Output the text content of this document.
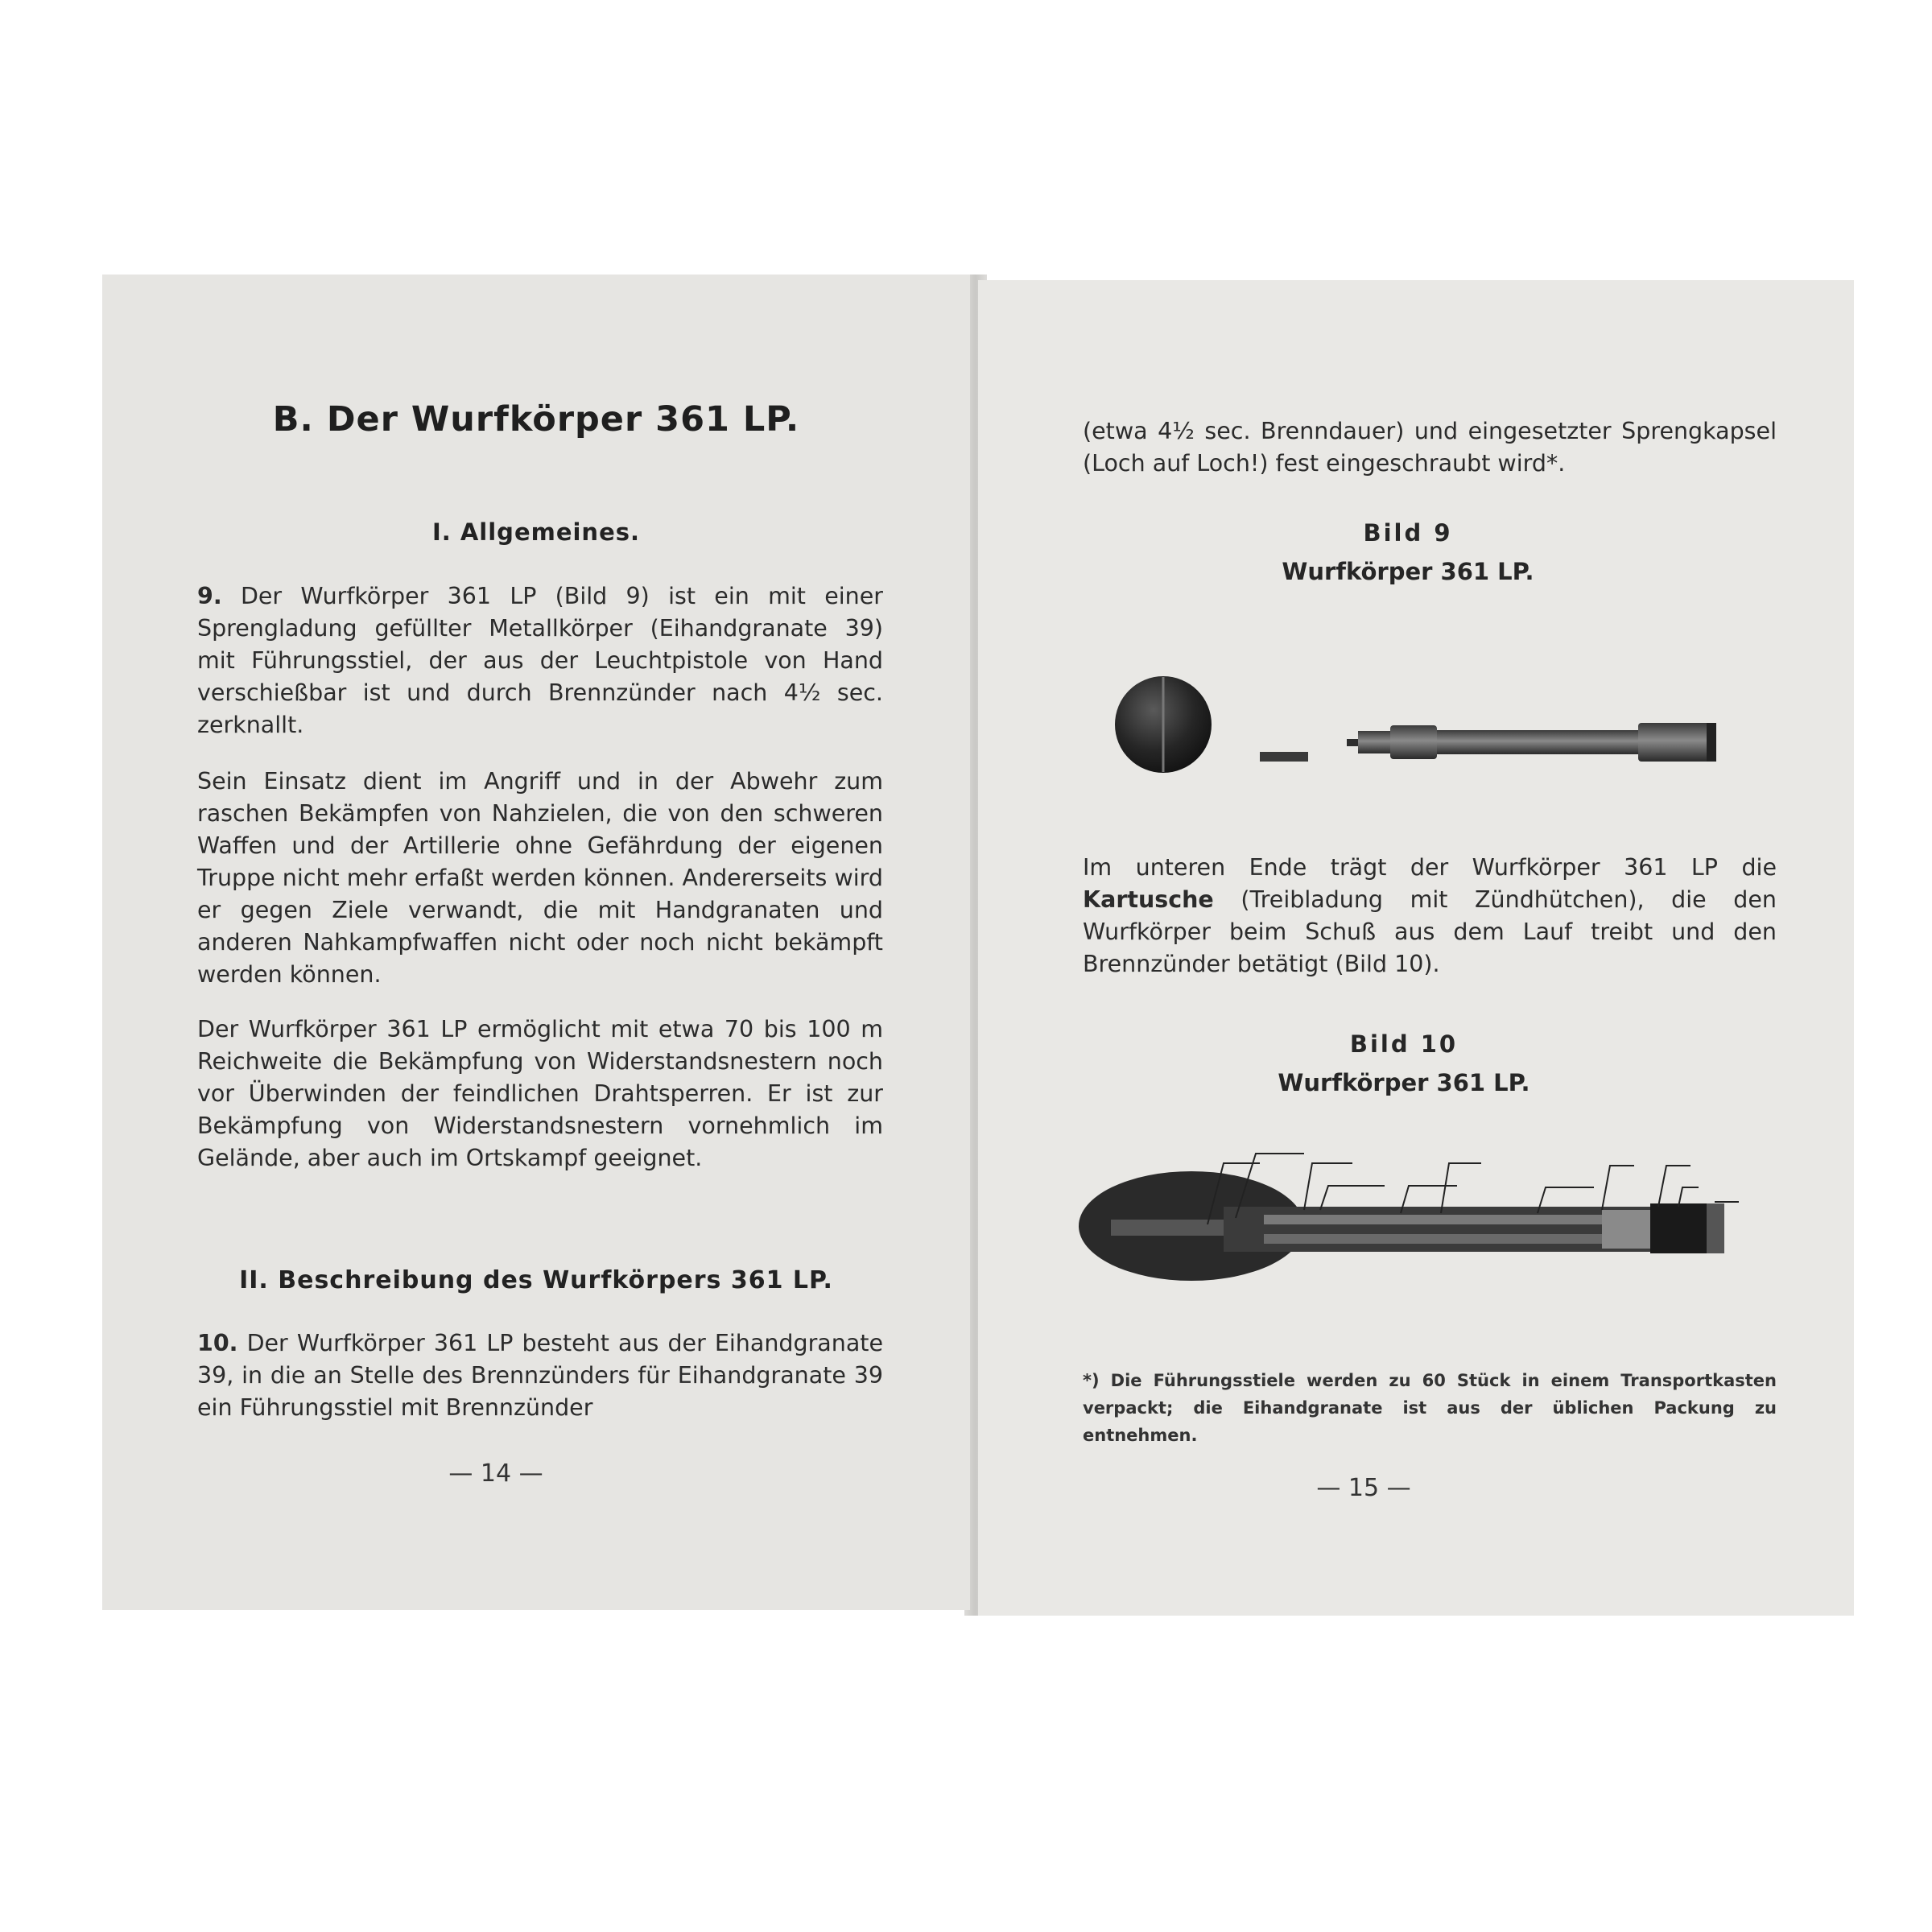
B. Der Wurfkörper 361 LP.
I. Allgemeines.

9. Der Wurfkörper 361 LP (Bild 9) ist ein mit einer Sprengladung gefüllter Metallkörper (Eihandgranate 39) mit Führungsstiel, der aus der Leuchtpistole von Hand verschießbar ist und durch Brennzünder nach 4½ sec. zerknallt.

Sein Einsatz dient im Angriff und in der Abwehr zum raschen Bekämpfen von Nahzielen, die von den schweren Waffen und der Artillerie ohne Gefährdung der eigenen Truppe nicht mehr erfaßt werden können. Andererseits wird er gegen Ziele verwandt, die mit Handgranaten und anderen Nahkampfwaffen nicht oder noch nicht bekämpft werden können.

Der Wurfkörper 361 LP ermöglicht mit etwa 70 bis 100 m Reichweite die Bekämpfung von Widerstandsnestern noch vor Überwinden der feindlichen Drahtsperren. Er ist zur Bekämpfung von Widerstandsnestern vornehmlich im Gelände, aber auch im Ortskampf geeignet.

II. Beschreibung des Wurfkörpers 361 LP.

10. Der Wurfkörper 361 LP besteht aus der Eihandgranate 39, in die an Stelle des Brennzünders für Eihandgranate 39 ein Führungsstiel mit Brennzünder

— 14 —

(etwa 4½ sec. Brenndauer) und eingesetzter Sprengkapsel (Loch auf Loch!) fest eingeschraubt wird*.

Bild 9
Wurfkörper 361 LP.

Im unteren Ende trägt der Wurfkörper 361 LP die Kartusche (Treibladung mit Zündhütchen), die den Wurfkörper beim Schuß aus dem Lauf treibt und den Brennzünder betätigt (Bild 10).

Bild 10
Wurfkörper 361 LP.

*) Die Führungsstiele werden zu 60 Stück in einem Transportkasten verpackt; die Eihandgranate ist aus der üblichen Packung zu entnehmen.

— 15 —
